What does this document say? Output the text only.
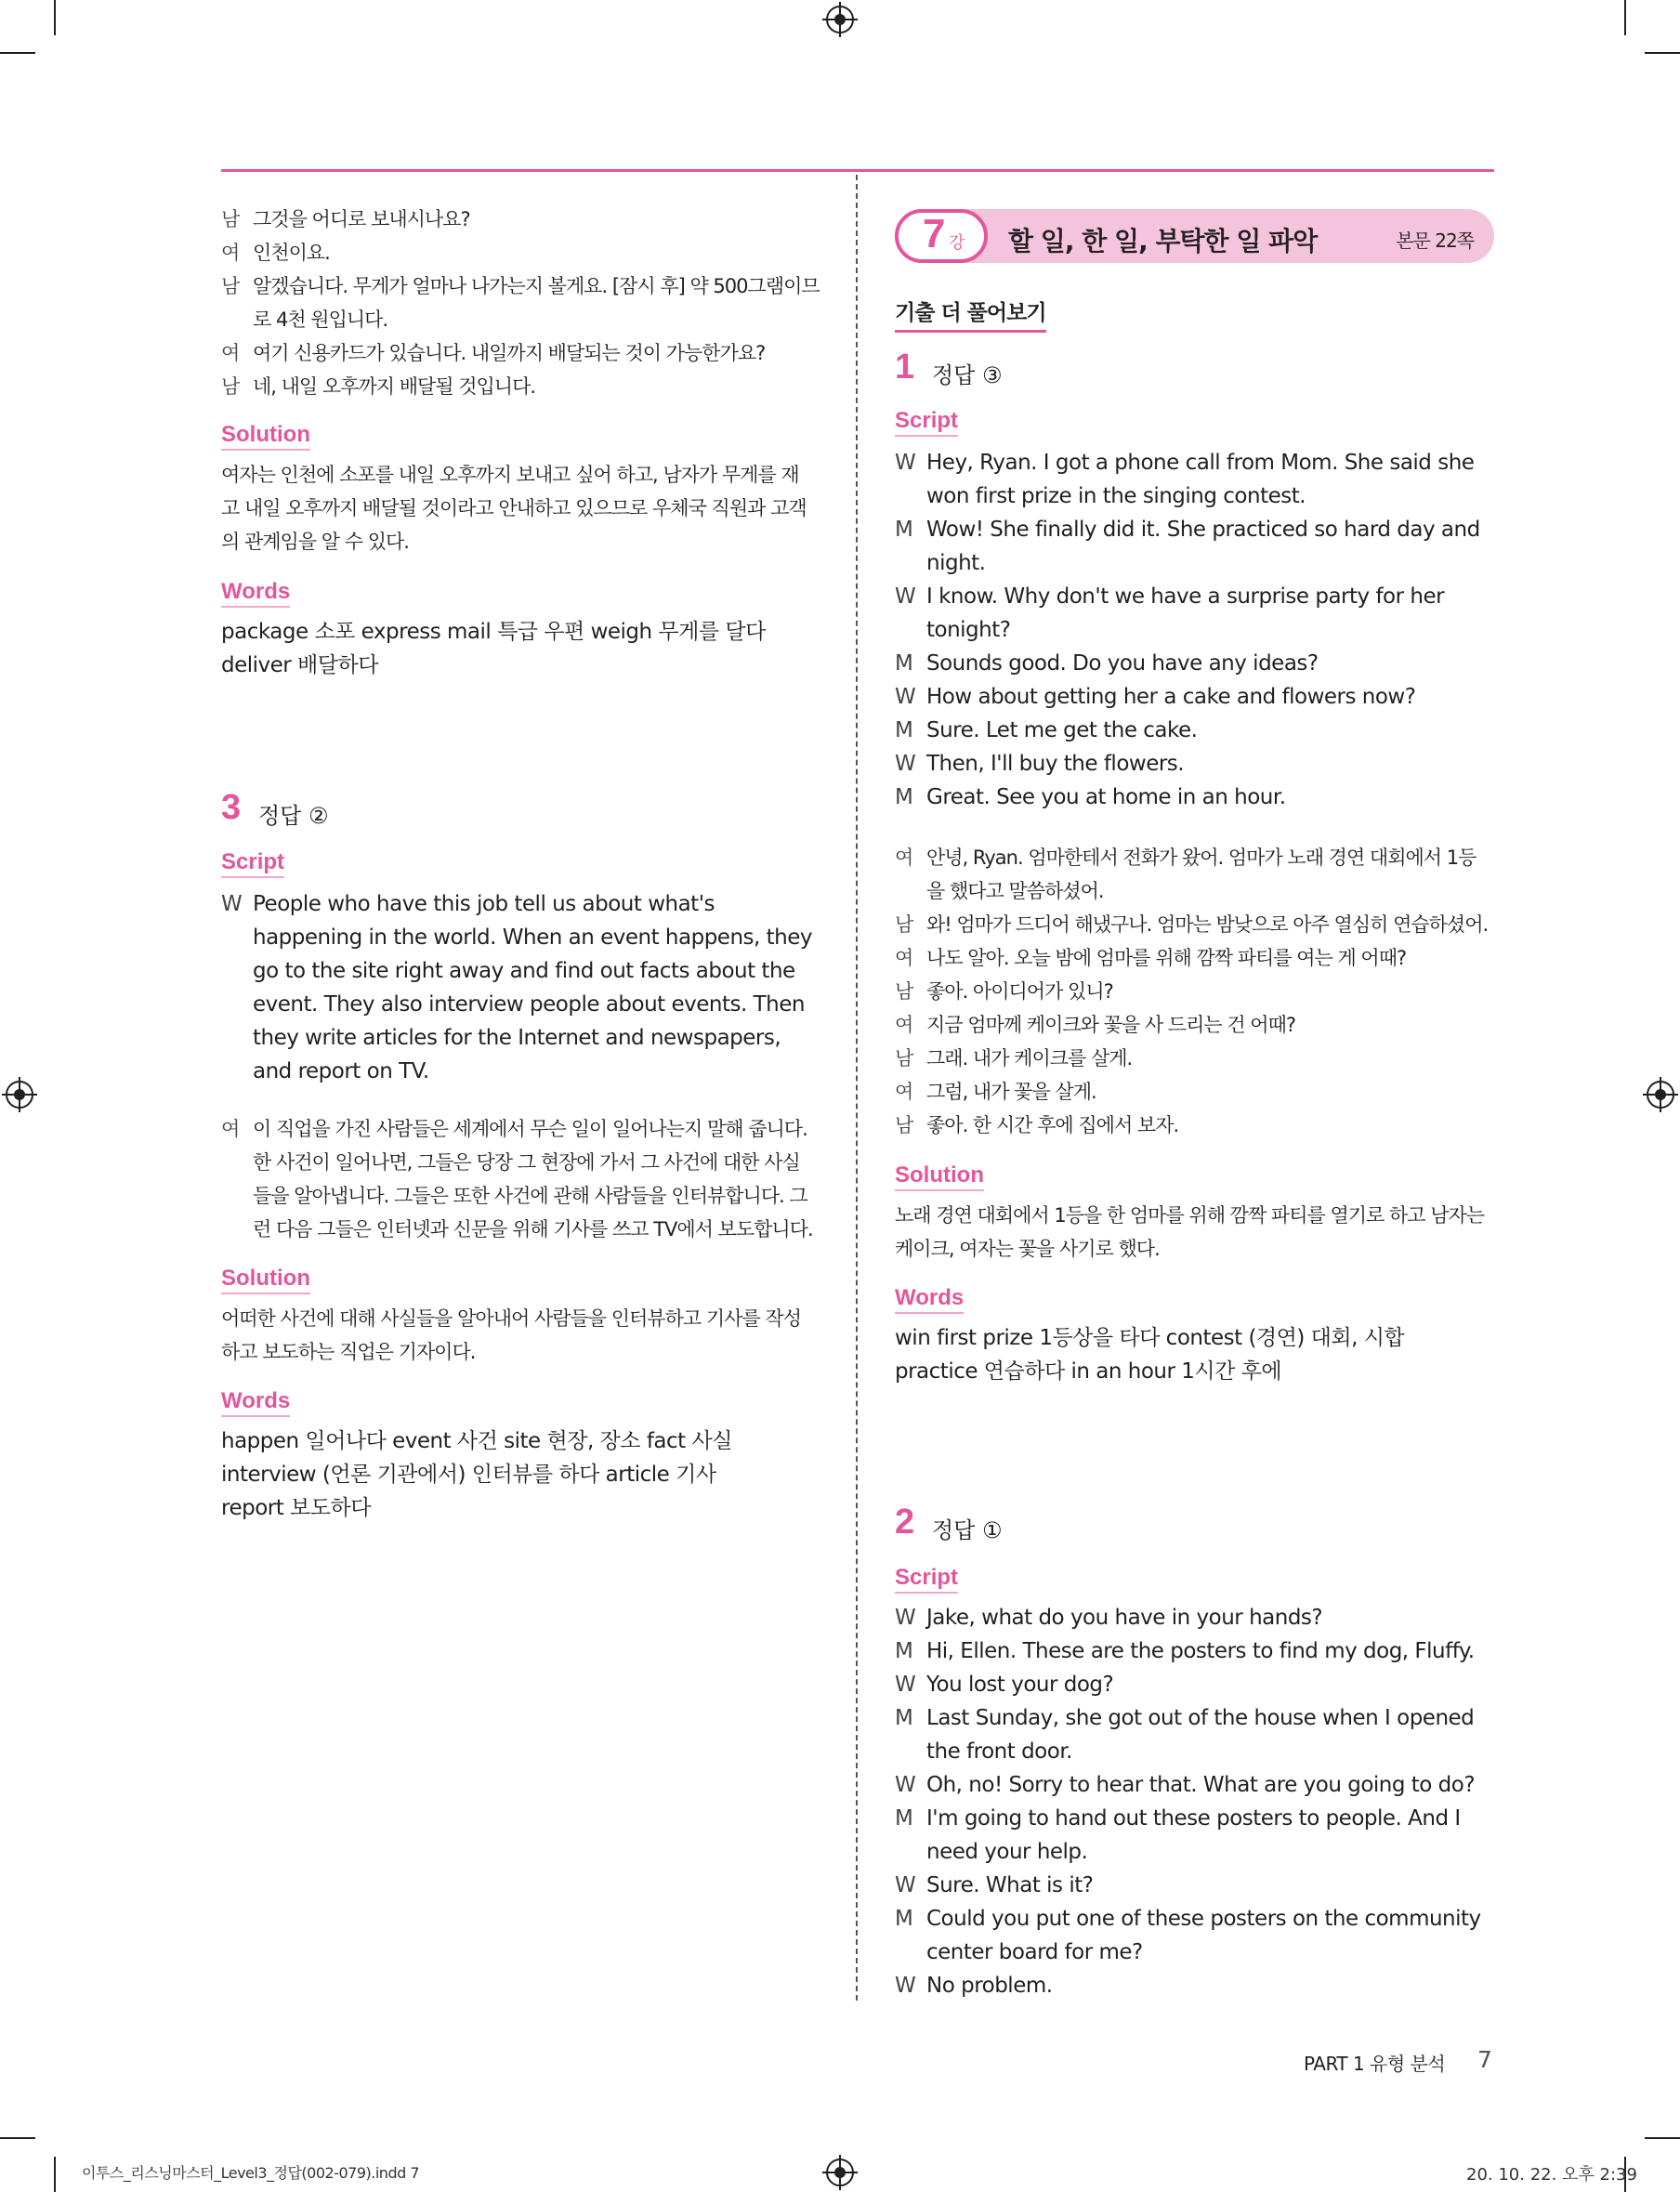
남 그것을 어디로 보내시나요?
여 인천이요.
남 알겠습니다. 무게가 얼마나 나가는지 볼게요. [잠시 후] 약 500그램이므
로 4천 원입니다.
여 여기 신용카드가 있습니다. 내일까지 배달되는 것이 가능한가요?
남 네, 내일 오후까지 배달될 것입니다.
Solution
여자는 인천에 소포를 내일 오후까지 보내고 싶어 하고, 남자가 무게를 재
고 내일 오후까지 배달될 것이라고 안내하고 있으므로 우체국 직원과 고객
의 관계임을 알 수 있다.
Words
package 소포 express mail 특급 우편 weigh 무게를 달다
deliver 배달하다
3 정답 ②
Script
W People who have this job tell us about what's
happening in the world. When an event happens, they
go to the site right away and find out facts about the
event. They also interview people about events. Then
they write articles for the Internet and newspapers,
and report on TV.
여 이 직업을 가진 사람들은 세계에서 무슨 일이 일어나는지 말해 줍니다.
한 사건이 일어나면, 그들은 당장 그 현장에 가서 그 사건에 대한 사실
들을 알아냅니다. 그들은 또한 사건에 관해 사람들을 인터뷰합니다. 그
런 다음 그들은 인터넷과 신문을 위해 기사를 쓰고 TV에서 보도합니다.
Solution
어떠한 사건에 대해 사실들을 알아내어 사람들을 인터뷰하고 기사를 작성
하고 보도하는 직업은 기자이다.
Words
happen 일어나다 event 사건 site 현장, 장소 fact 사실
interview (언론 기관에서) 인터뷰를 하다 article 기사
report 보도하다
7 강 할 일, 한 일, 부탁한 일 파악	본문 22쪽
기출 더 풀어보기
1 정답 ③
Script
W Hey, Ryan. I got a phone call from Mom. She said she
won first prize in the singing contest.
M Wow! She finally did it. She practiced so hard day and
night.
W I know. Why don't we have a surprise party for her
tonight?
M Sounds good. Do you have any ideas?
W How about getting her a cake and flowers now?
M Sure. Let me get the cake.
W Then, I'll buy the flowers.
M Great. See you at home in an hour.
여 안녕, Ryan. 엄마한테서 전화가 왔어. 엄마가 노래 경연 대회에서 1등
을 했다고 말씀하셨어.
남 와! 엄마가 드디어 해냈구나. 엄마는 밤낮으로 아주 열심히 연습하셨어.
여 나도 알아. 오늘 밤에 엄마를 위해 깜짝 파티를 여는 게 어때?
남 좋아. 아이디어가 있니?
여 지금 엄마께 케이크와 꽃을 사 드리는 건 어때?
남 그래. 내가 케이크를 살게.
여 그럼, 내가 꽃을 살게.
남 좋아. 한 시간 후에 집에서 보자.
Solution
노래 경연 대회에서 1등을 한 엄마를 위해 깜짝 파티를 열기로 하고 남자는
케이크, 여자는 꽃을 사기로 했다.
Words
win first prize 1등상을 타다 contest (경연) 대회, 시합
practice 연습하다 in an hour 1시간 후에
2 정답 ①
Script
W Jake, what do you have in your hands?
M Hi, Ellen. These are the posters to find my dog, Fluffy.
W You lost your dog?
M Last Sunday, she got out of the house when I opened
the front door.
W Oh, no! Sorry to hear that. What are you going to do?
M I'm going to hand out these posters to people. And I
need your help.
W Sure. What is it?
M Could you put one of these posters on the community
center board for me?
W No problem.
PART 1 유형 분석 7
이투스_리스닝마스터_Level3_정답(002-079).indd 7	20. 10. 22. 오후 2:39
